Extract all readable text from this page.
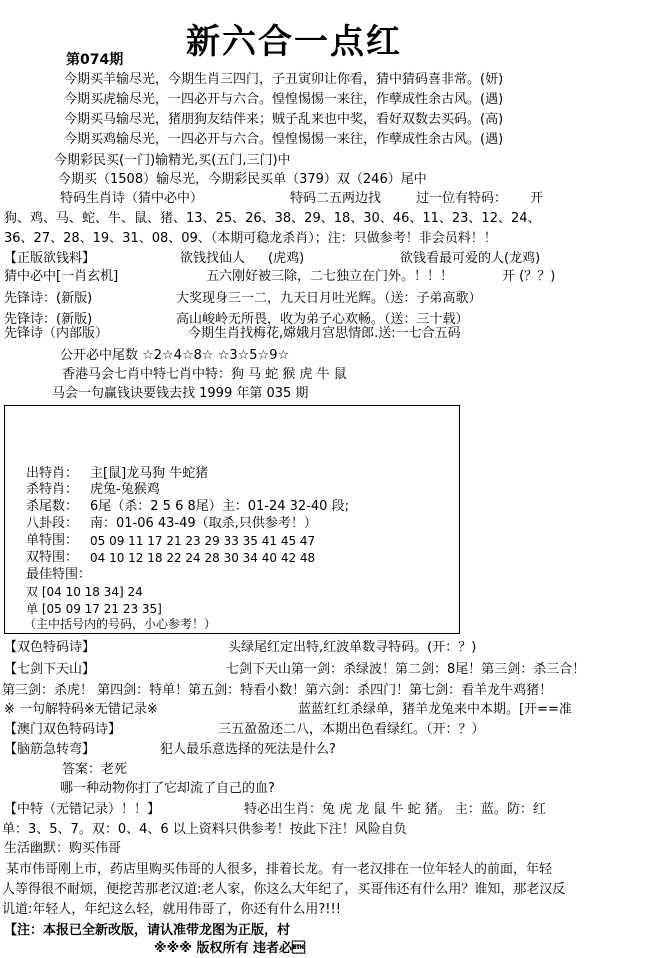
第074期 新六合一点红
今期买羊输尽光，今期生肖三四门，子丑寅卯让你看，猜中猜码喜非常。(妍)
今期买虎输尽光，一四必开与六合。惶惶惕惕一来往，作孽成性余古风。(遇)
今期买马输尽光，猪朋狗友结伴来；贼子乱来也中奖，看好双数去买码。(高)
今期买鸡输尽光，一四必开与六合。惶惶惕惕一来往，作孽成性余古风。(遇)
今期彩民买(一门)输精光,买(五门,三门)中
今期买（1508）输尽光，今期彩民买单（379）双（246）尾中
特码生肖诗（猜中必中）	特码二五两边找	过一位有特码： 开
狗、鸡、马、蛇、牛、鼠、猪、13、25、26、38、29、18、30、46、11、23、12、24、
36、27、28、19、31、08、09、（本期可稳龙杀肖）；注：只做参考！非会员料！！
【正版欲钱料】	欲钱找仙人 (虎鸡)	欲钱看最可爱的人(龙鸡)
猜中必中[一肖玄机]	五六刚好被三除，二七独立在门外。！！！	开 (？？)
先锋诗：(新版)	大奖现身三一二，九天日月吐光辉。（送：子弟高歌）
先锋诗：(新版)	高山峻岭无所畏，收为弟子心欢畅。（送：三十载）
先锋诗（内部版）	今期生肖找梅花,嫦娥月宫思情郎.送:一七合五码
公开必中尾数 ☆2☆4☆8☆ ☆3☆5☆9☆
香港马会七肖中特七肖中特：狗 马 蛇 猴 虎 牛 鼠
马会一句赢钱诀要钱去找 1999 年第 035 期
出特肖： 主[鼠]龙马狗 牛蛇猪
杀特肖： 虎兔-兔猴鸡
杀尾数： 6尾（杀：2 5 6 8尾）主：01-24 32-40 段;
八卦段： 南：01-06 43-49（取杀,只供参考！）
单特围： 05 09 11 17 21 23 29 33 35 41 45 47
双特围： 04 10 12 18 22 24 28 30 34 40 42 48
最佳特围：
双 [04 10 18 34] 24
单 [05 09 17 21 23 35]
（主中括号内的号码，小心参考！）
【双色特码诗】	头绿尾红定出特,红波单数寻特码。(开：？)
【七剑下天山】	七剑下天山第一剑：杀绿波！第二剑：8尾！第三剑：杀三合！
第三剑：杀虎！ 第四剑：特单！第五剑：特看小数！第六剑：杀四门！第七剑：看羊龙牛鸡猪！
※ 一句解特码※无错记录※	蓝蓝红红杀绿单，猪羊龙兔来中本期。[开==准
【澳门双色特码诗】	三五盈盈还二八，本期出色看绿红。（开：？）
【脑筋急转弯】	犯人最乐意选择的死法是什么?
答案：老死
哪一种动物你打了它却流了自己的血?
【中特（无错记录）！！】	特必出生肖：兔 虎 龙 鼠 牛 蛇 猪。 主：蓝。防：红
单：3、5、7。双：0、4、6 以上资料只供参考！按此下注！风险自负
生活幽默：购买伟哥
某市伟哥刚上市，药店里购买伟哥的人很多，排着长龙。有一老汉排在一位年轻人的前面，年轻
人等得很不耐烦，便挖苦那老汉道:老人家，你这么大年纪了，买哥伟还有什么用？谁知，那老汉反
讥道:年轻人，年纪这么轻，就用伟哥了，你还有什么用?!!!
【注：本报已全新改版，请认准带龙图为正版，村
※※※ 版权所有 违者必
